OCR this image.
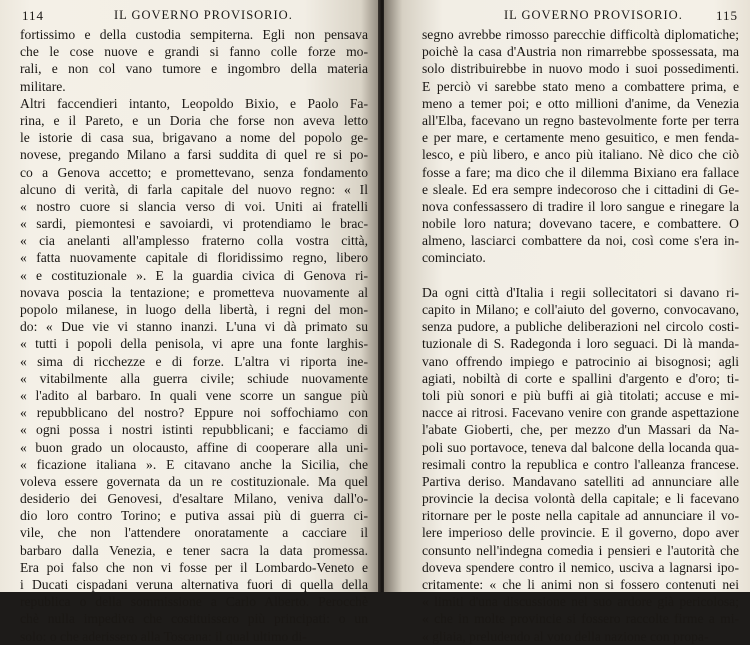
114	IL GOVERNO PROVISORIO.
fortissimo e della custodia sempiterna. Egli non pensava
che le cose nuove e grandi si fanno colle forze mo-
rali, e non col vano tumore e ingombro della materia
militare.
Altri faccendieri intanto, Leopoldo Bixio, e Paolo Fa-
rina, e il Pareto, e un Doria che forse non aveva letto
le istorie di casa sua, brigavano a nome del popolo ge-
novese, pregando Milano a farsi suddita di quel re si po-
co a Genova accetto; e promettevano, senza fondamento
alcuno di verità, di farla capitale del nuovo regno: « Il
« nostro cuore si slancia verso di voi. Uniti ai fratelli
« sardi, piemontesi e savoiardi, vi protendiamo le brac-
« cia anelanti all'amplesso fraterno colla vostra città,
« fatta nuovamente capitale di floridissimo regno, libero
« e costituzionale ». E la guardia civica di Genova ri-
novava poscia la tentazione; e prometteva nuovamente al
popolo milanese, in luogo della libertà, i regni del mon-
do: « Due vie vi stanno inanzi. L'una vi dà primato su
« tutti i popoli della penisola, vi apre una fonte larghis-
« sima di ricchezze e di forze. L'altra vi riporta ine-
« vitabilmente alla guerra civile; schiude nuovamente
« l'adito al barbaro. In quali vene scorre un sangue più
« repubblicano del nostro? Eppure noi soffochiamo con
« ogni possa i nostri istinti repubblicani; e facciamo di
« buon grado un olocausto, affine di cooperare alla uni-
« ficazione italiana ». E citavano anche la Sicilia, che
voleva essere governata da un re costituzionale. Ma quel
desiderio dei Genovesi, d'esaltare Milano, veniva dall'o-
dio loro contro Torino; e putiva assai più di guerra ci-
vile, che non l'attendere onoratamente a cacciare il
barbaro dalla Venezia, e tener sacra la data promessa.
Era poi falso che non vi fosse per il Lombardo-Veneto e
i Ducati cispadani veruna alternativa fuori di quella della
republica o della sommissione a Carlo Alberto. Perocchè
chè nulla impediva che costituissero più principati: o un
solo: o che aderissero alla Toscana: il qual ultimo di-
IL GOVERNO PROVISORIO.	115
segno avrebbe rimosso parecchie difficoltà diplomatiche;
poichè la casa d'Austria non rimarrebbe spossessata, ma
solo distribuirebbe in nuovo modo i suoi possedimenti.
E perciò vi sarebbe stato meno a combattere prima, e
meno a temer poi; e otto millioni d'anime, da Venezia
all'Elba, facevano un regno bastevolmente forte per terra
e per mare, e certamente meno gesuitico, e men fenda-
lesco, e più libero, e anco più italiano. Nè dico che ciò
fosse a fare; ma dico che il dilemma Bixiano era fallace
e sleale. Ed era sempre indecoroso che i cittadini di Ge-
nova confessassero di tradire il loro sangue e rinegare la
nobile loro natura; dovevano tacere, e combattere. O
almeno, lasciarci combattere da noi, così come s'era in-
cominciato.
Da ogni città d'Italia i regii sollecitatori si davano ri-
capito in Milano; e coll'aiuto del governo, convocavano,
senza pudore, a publiche deliberazioni nel circolo costi-
tuzionale di S. Radegonda i loro seguaci. Di là manda-
vano offrendo impiego e patrocinio ai bisognosi; agli
agiati, nobiltà di corte e spallini d'argento e d'oro; ti-
toli più sonori e più buffi ai già titolati; accuse e mi-
nacce ai ritrosi. Facevano venire con grande aspettazione
l'abate Gioberti, che, per mezzo d'un Massari da Na-
poli suo portavoce, teneva dal balcone della locanda qua-
resimali contro la republica e contro l'alleanza francese.
Partiva deriso. Mandavano satelliti ad annunciare alle
provincie la decisa volontà della capitale; e li facevano
ritornare per le poste nella capitale ad annunciare il vo-
lere imperioso delle provincie. E il governo, dopo aver
consunto nell'indegna comedia i pensieri e l'autorità che
doveva spendere contro il nemico, usciva a lagnarsi ipo-
critamente: « che li animi non si fossero contenuti nei
« limiti d'una discussione nel suo ardore già pericolosa;
« che in molte provincie si fossero raccolte firme a mi-
« gliaia, preludendo al voto della nazione con propa-
